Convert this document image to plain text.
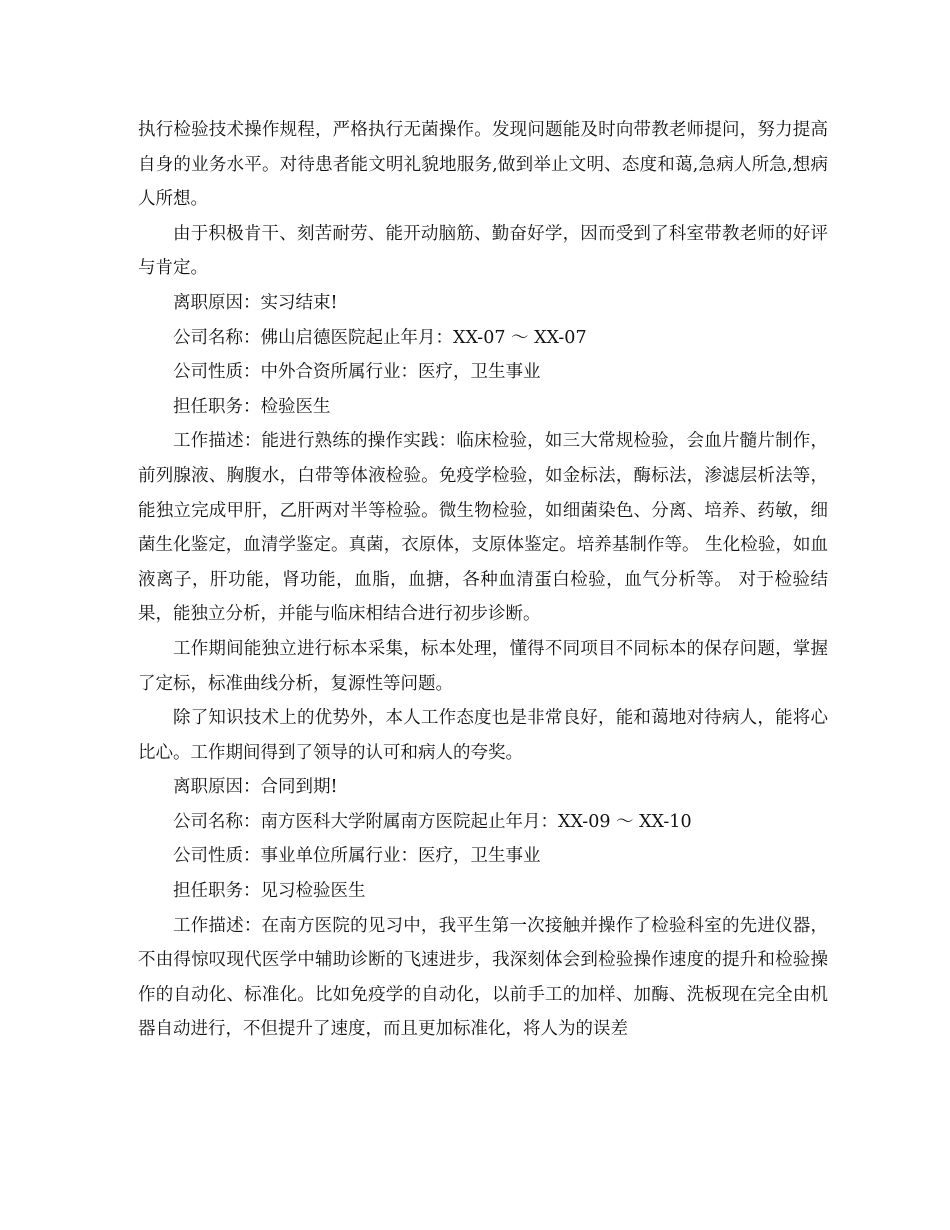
执行检验技术操作规程，严格执行无菌操作。发现问题能及时向带教老师提问，努力提高自身的业务水平。对待患者能文明礼貌地服务,做到举止文明、态度和蔼,急病人所急,想病人所想。

由于积极肯干、刻苦耐劳、能开动脑筋、勤奋好学，因而受到了科室带教老师的好评与肯定。

离职原因：实习结束!

公司名称：佛山启德医院起止年月：XX-07 ～ XX-07

公司性质：中外合资所属行业：医疗，卫生事业

担任职务：检验医生

工作描述：能进行熟练的操作实践：临床检验，如三大常规检验，会血片髓片制作，前列腺液、胸腹水，白带等体液检验。免疫学检验，如金标法，酶标法，渗滤层析法等，能独立完成甲肝，乙肝两对半等检验。微生物检验，如细菌染色、分离、培养、药敏，细菌生化鉴定，血清学鉴定。真菌，衣原体，支原体鉴定。培养基制作等。 生化检验，如血液离子，肝功能，肾功能，血脂，血搪，各种血清蛋白检验，血气分析等。 对于检验结果，能独立分析，并能与临床相结合进行初步诊断。

工作期间能独立进行标本采集，标本处理，懂得不同项目不同标本的保存问题，掌握了定标，标准曲线分析，复源性等问题。

除了知识技术上的优势外，本人工作态度也是非常良好，能和蔼地对待病人，能将心比心。工作期间得到了领导的认可和病人的夸奖。

离职原因：合同到期!

公司名称：南方医科大学附属南方医院起止年月：XX-09 ～ XX-10

公司性质：事业单位所属行业：医疗，卫生事业

担任职务：见习检验医生

工作描述：在南方医院的见习中，我平生第一次接触并操作了检验科室的先进仪器，不由得惊叹现代医学中辅助诊断的飞速进步，我深刻体会到检验操作速度的提升和检验操作的自动化、标准化。比如免疫学的自动化，以前手工的加样、加酶、洗板现在完全由机器自动进行，不但提升了速度，而且更加标准化，将人为的误差
